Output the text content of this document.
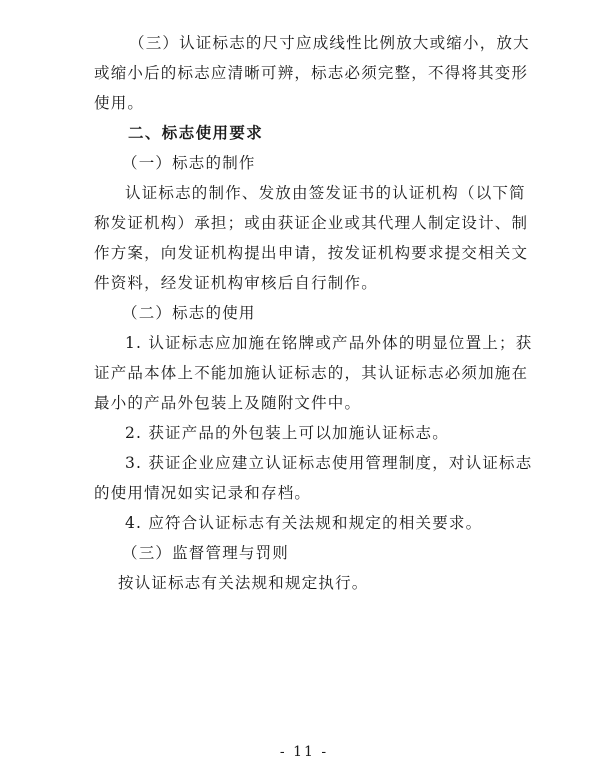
（三）认证标志的尺寸应成线性比例放大或缩小，放大
或缩小后的标志应清晰可辨，标志必须完整，不得将其变形
使用。
二、标志使用要求
（一）标志的制作
认证标志的制作、发放由签发证书的认证机构（以下简
称发证机构）承担；或由获证企业或其代理人制定设计、制
作方案，向发证机构提出申请，按发证机构要求提交相关文
件资料，经发证机构审核后自行制作。
（二）标志的使用
1. 认证标志应加施在铭牌或产品外体的明显位置上；获
证产品本体上不能加施认证标志的，其认证标志必须加施在
最小的产品外包装上及随附文件中。
2. 获证产品的外包装上可以加施认证标志。
3. 获证企业应建立认证标志使用管理制度，对认证标志
的使用情况如实记录和存档。
4. 应符合认证标志有关法规和规定的相关要求。
（三）监督管理与罚则
按认证标志有关法规和规定执行。
- 11 -
